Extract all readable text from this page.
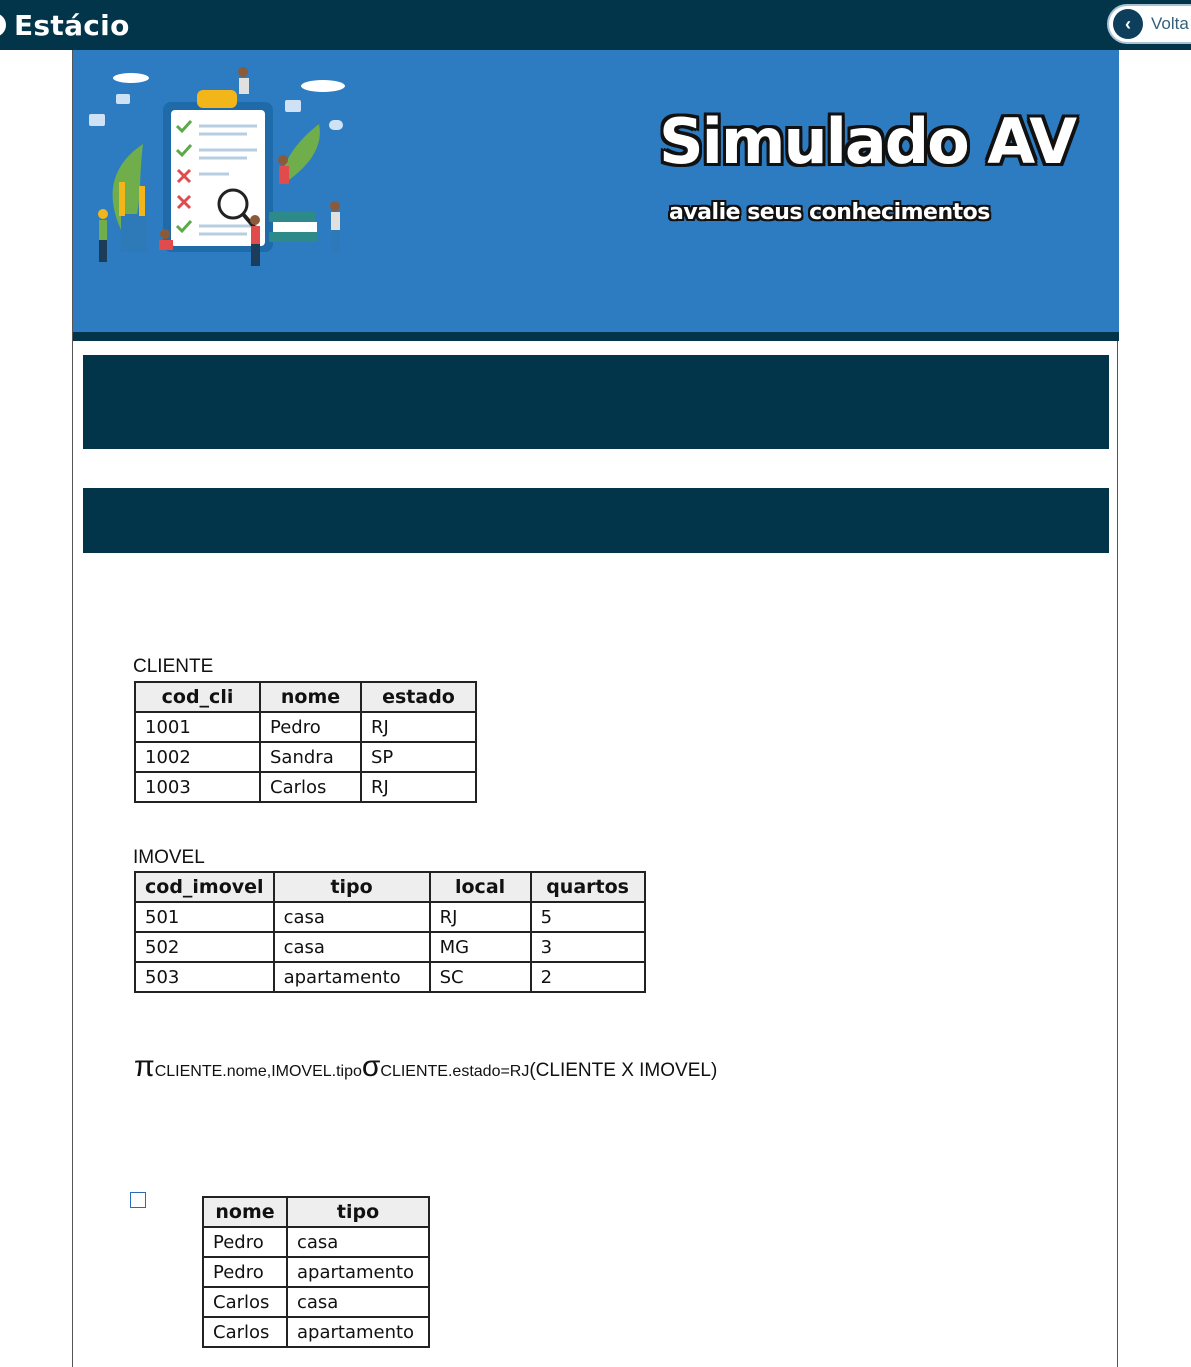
Estácio	‹	Volta
Simulado AV
avalie seus conhecimentos
CLIENTE
cod_cli	nome	estado
1001	Pedro	RJ
1002	Sandra	SP
1003	Carlos	RJ
IMOVEL
cod_imovel	tipo	local	quartos
501	casa	RJ	5
502	casa	MG	3
503	apartamento	SC	2
πCLIENTE.nome,IMOVEL.tipoσCLIENTE.estado=RJ(CLIENTE X IMOVEL)
nome	tipo
Pedro	casa
Pedro	apartamento
Carlos	casa
Carlos	apartamento
